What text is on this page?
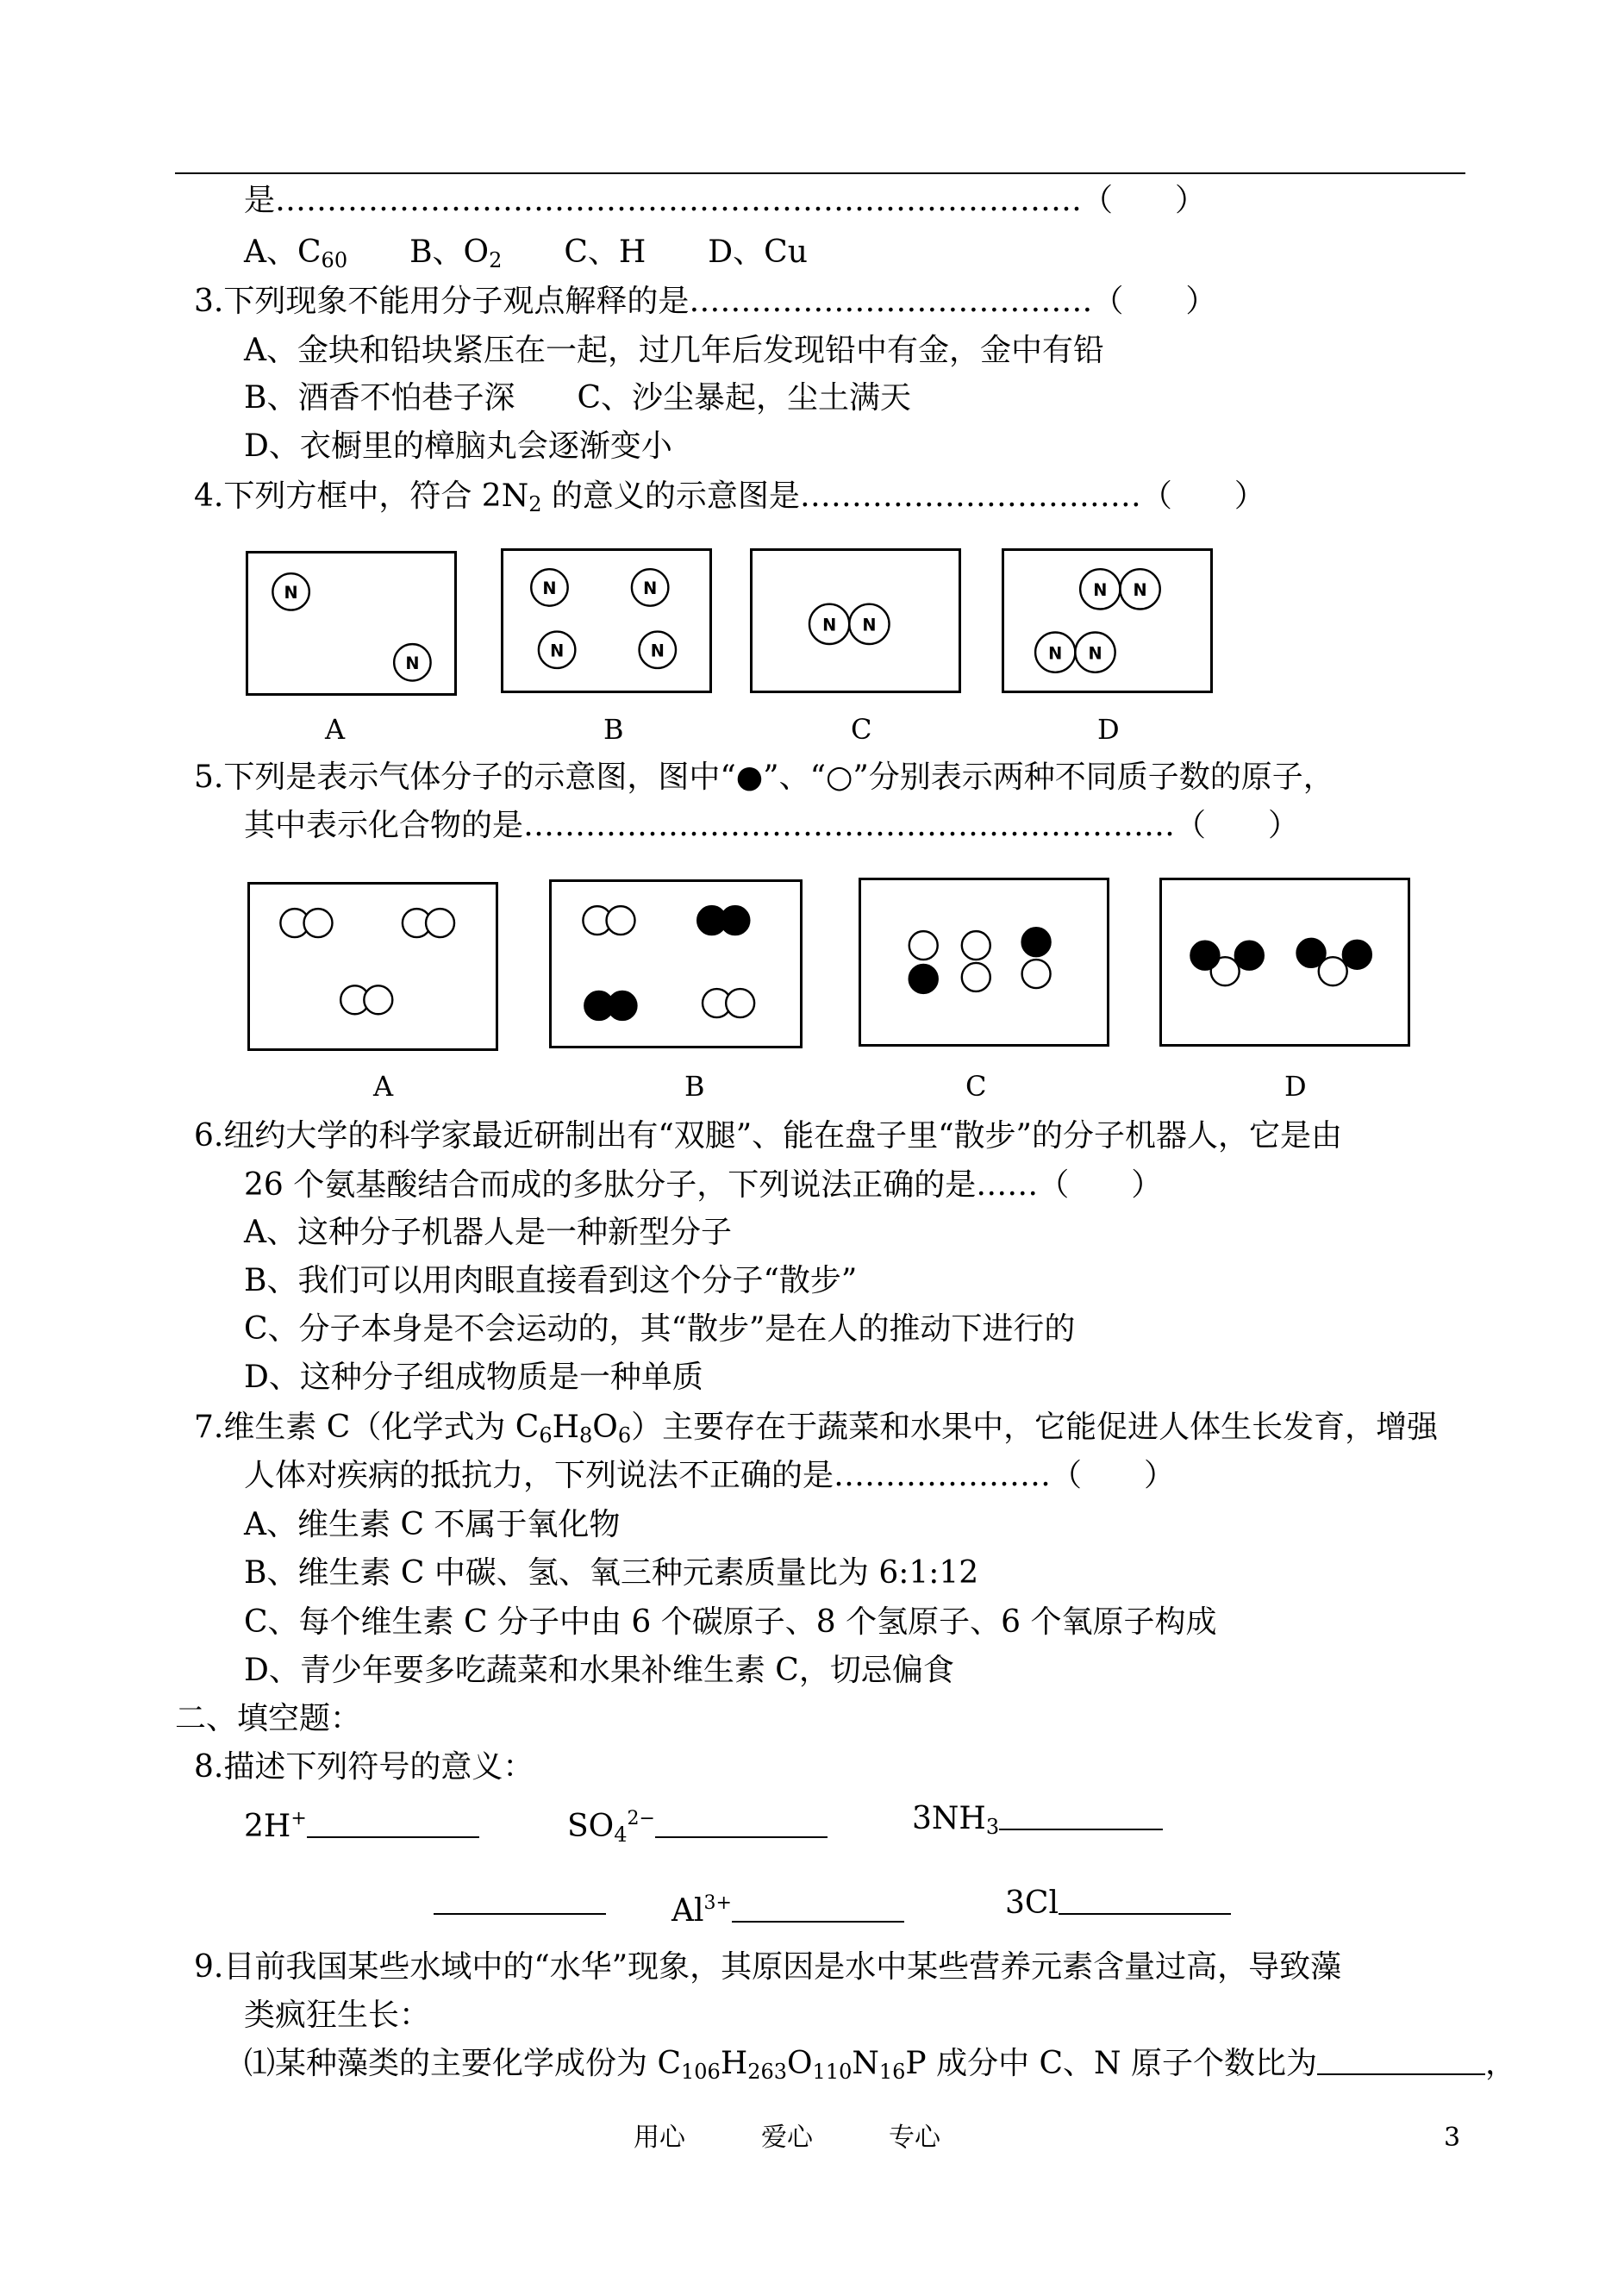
是……………………………………………………………………（　　）
A、$C_{60}$　　B、$O_2$　　C、H　　D、Cu
3.下列现象不能用分子观点解释的是…………………………………（　　）
A、金块和铅块紧压在一起，过几年后发现铅中有金，金中有铅
B、酒香不怕巷子深　　C、沙尘暴起，尘土满天
D、衣橱里的樟脑丸会逐渐变小
4.下列方框中，符合 $2N_2$ 的意义的示意图是……………………………（　　）
N
N
N	N
N	N
N N
N N
N N
A	B	C	D
5.下列是表示气体分子的示意图，图中“●”、“○”分别表示两种不同质子数的原子，
其中表示化合物的是………………………………………………………（　　）
A	B	C	D
6.纽约大学的科学家最近研制出有“双腿”、能在盘子里“散步”的分子机器人，它是由
26 个氨基酸结合而成的多肽分子，下列说法正确的是……（　　）
A、这种分子机器人是一种新型分子
B、我们可以用肉眼直接看到这个分子“散步”
C、分子本身是不会运动的，其“散步”是在人的推动下进行的
D、这种分子组成物质是一种单质
7.维生素 C（化学式为 $C_6H_8O_6$）主要存在于蔬菜和水果中，它能促进人体生长发育，增强
人体对疾病的抵抗力，下列说法不正确的是…………………（　　）
A、维生素 C 不属于氧化物
B、维生素 C 中碳、氢、氧三种元素质量比为 6:1:12
C、每个维生素 C 分子中由 6 个碳原子、8 个氢原子、6 个氧原子构成
D、青少年要多吃蔬菜和水果补维生素 C，切忌偏食
二、填空题：
8.描述下列符号的意义：
2H+	$SO_4^{2-}$	$3NH_3$
$Al^{3+}$	3Cl
9.目前我国某些水域中的“水华”现象，其原因是水中某些营养元素含量过高，导致藻
类疯狂生长：
⑴某种藻类的主要化学成份为 $C_{106}H_{263}O_{110}N_{16}P$ 成分中 C、N 原子个数比为	，
用心	爱心	专心	3
